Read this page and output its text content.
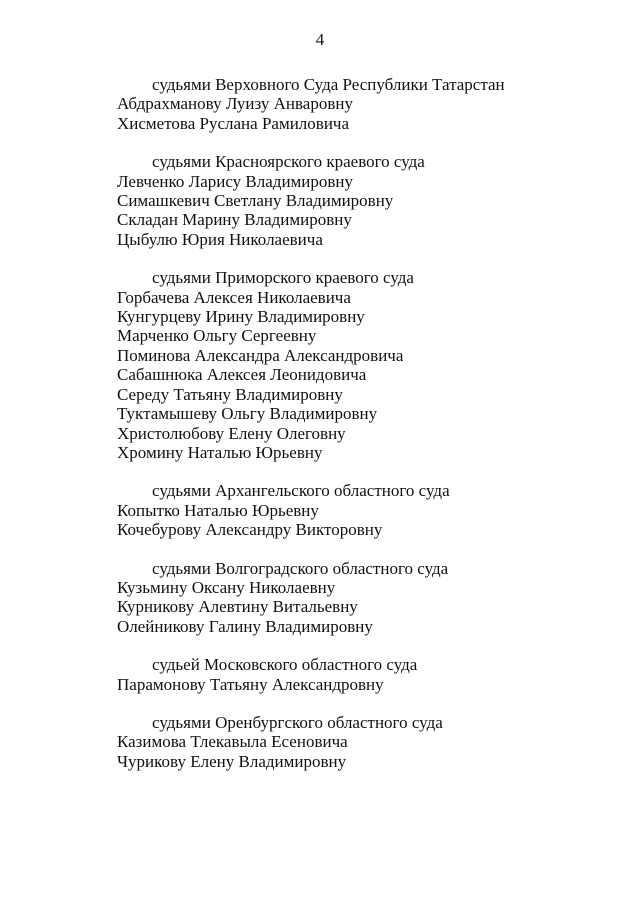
4

судьями Верховного Суда Республики Татарстан

Абдрахманову Луизу Анваровну

Хисметова Руслана Рамиловича

судьями Красноярского краевого суда

Левченко Ларису Владимировну

Симашкевич Светлану Владимировну

Складан Марину Владимировну

Цыбулю Юрия Николаевича

судьями Приморского краевого суда

Горбачева Алексея Николаевича

Кунгурцеву Ирину Владимировну

Марченко Ольгу Сергеевну

Поминова Александра Александровича

Сабашнюка Алексея Леонидовича

Середу Татьяну Владимировну

Туктамышеву Ольгу Владимировну

Христолюбову Елену Олеговну

Хромину Наталью Юрьевну

судьями Архангельского областного суда

Копытко Наталью Юрьевну

Кочебурову Александру Викторовну

судьями Волгоградского областного суда

Кузьмину Оксану Николаевну

Курникову Алевтину Витальевну

Олейникову Галину Владимировну

судьей Московского областного суда

Парамонову Татьяну Александровну

судьями Оренбургского областного суда

Казимова Тлекавыла Есеновича

Чурикову Елену Владимировну
